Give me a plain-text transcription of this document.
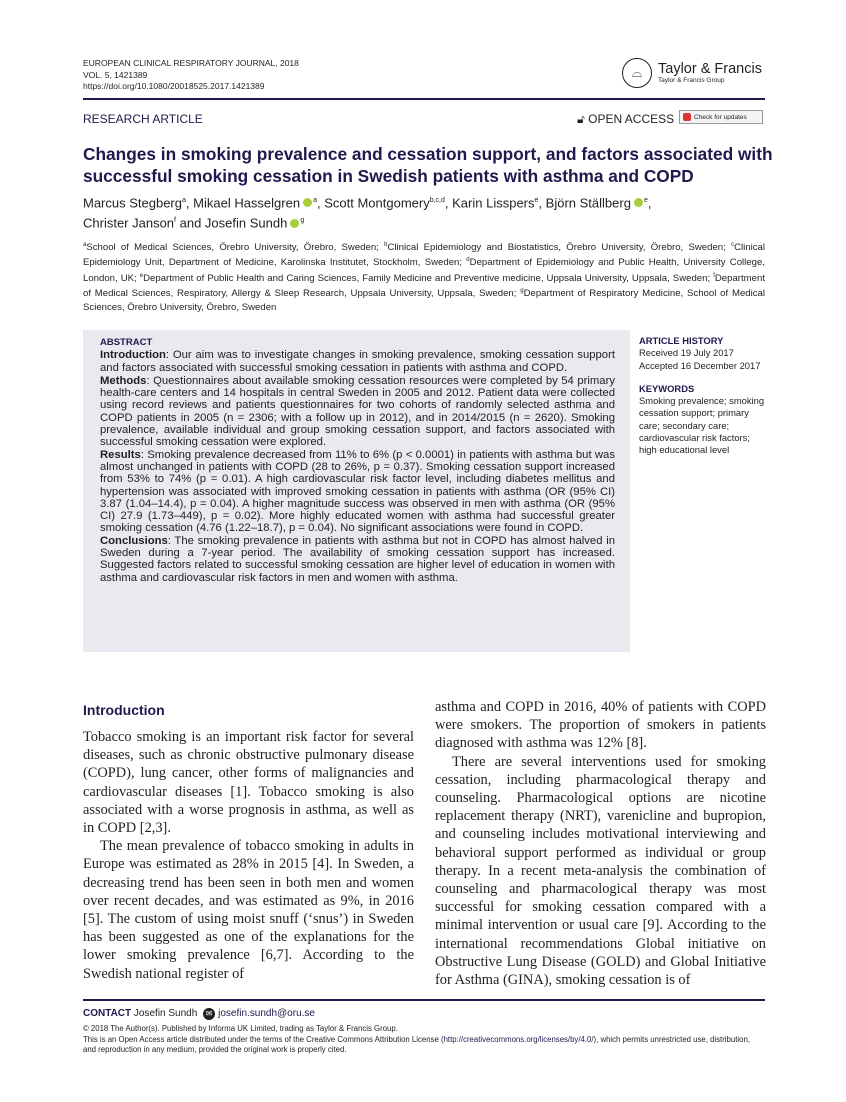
EUROPEAN CLINICAL RESPIRATORY JOURNAL, 2018
VOL. 5, 1421389
https://doi.org/10.1080/20018525.2017.1421389
⌓	Taylor & Francis
Taylor & Francis Group
RESEARCH ARTICLE	🔓︎ OPEN ACCESS	Check for updates
Changes in smoking prevalence and cessation support, and factors associated with successful smoking cessation in Swedish patients with asthma and COPD
Marcus Stegberg$^a$, Mikael Hasselgren $^a$, Scott Montgomery$^{b,c,d}$, Karin Lisspers$^e$, Björn Ställberg $^e$,
Christer Janson$^f$ and Josefin Sundh $^g$
$^a$School of Medical Sciences, Örebro University, Örebro, Sweden; $^b$Clinical Epidemiology and Biostatistics, Örebro University, Örebro, Sweden; $^c$Clinical Epidemiology Unit, Department of Medicine, Karolinska Institutet, Stockholm, Sweden; $^d$Department of Epidemiology and Public Health, University College, London, UK; $^e$Department of Public Health and Caring Sciences, Family Medicine and Preventive medicine, Uppsala University, Uppsala, Sweden; $^f$Department of Medical Sciences, Respiratory, Allergy & Sleep Research, Uppsala University, Uppsala, Sweden; $^g$Department of Respiratory Medicine, School of Medical Sciences, Örebro University, Örebro, Sweden
ABSTRACT

Introduction: Our aim was to investigate changes in smoking prevalence, smoking cessation support and factors associated with successful smoking cessation in patients with asthma and COPD.

Methods: Questionnaires about available smoking cessation resources were completed by 54 primary health-care centers and 14 hospitals in central Sweden in 2005 and 2012. Patient data were collected using record reviews and patients questionnaires for two cohorts of randomly selected asthma and COPD patients in 2005 (n = 2306; with a follow up in 2012), and in 2014/2015 (n = 2620). Smoking prevalence, available individual and group smoking cessation support, and factors associated with successful smoking cessation were explored.

Results: Smoking prevalence decreased from 11% to 6% (p < 0.0001) in patients with asthma but was almost unchanged in patients with COPD (28 to 26%, p = 0.37). Smoking cessation support increased from 53% to 74% (p = 0.01). A high cardiovascular risk factor level, including diabetes mellitus and hypertension was associated with improved smoking cessation in patients with asthma (OR (95% CI) 3.87 (1.04–14.4), p = 0.04). A higher magnitude success was observed in men with asthma (OR (95% CI) 27.9 (1.73–449), p = 0.02). More highly educated women with asthma had successful greater smoking cessation (4.76 (1.22–18.7), p = 0.04). No significant associations were found in COPD.

Conclusions: The smoking prevalence in patients with asthma but not in COPD has almost halved in Sweden during a 7-year period. The availability of smoking cessation support has increased. Suggested factors related to successful smoking cessation are higher level of education in women with asthma and cardiovascular risk factors in men and women with asthma.

ARTICLE HISTORY
Received 19 July 2017
Accepted 16 December 2017
KEYWORDS
Smoking prevalence; smoking cessation support; primary care; secondary care; cardiovascular risk factors; high educational level
Introduction

Tobacco smoking is an important risk factor for several diseases, such as chronic obstructive pulmonary disease (COPD), lung cancer, other forms of malignancies and cardiovascular diseases [1]. Tobacco smoking is also associated with a worse prognosis in asthma, as well as in COPD [2,3].

The mean prevalence of tobacco smoking in adults in Europe was estimated as 28% in 2015 [4]. In Sweden, a decreasing trend has been seen in both men and women over recent decades, and was estimated as 9%, in 2016 [5]. The custom of using moist snuff (‘snus’) in Sweden has been suggested as one of the explanations for the lower smoking prevalence [6,7]. According to the Swedish national register of

asthma and COPD in 2016, 40% of patients with COPD were smokers. The proportion of smokers in patients diagnosed with asthma was 12% [8].

There are several interventions used for smoking cessation, including pharmacological therapy and counseling. Pharmacological options are nicotine replacement therapy (NRT), varenicline and bupropion, and counseling includes motivational interviewing and behavioral support performed as individual or group therapy. In a recent meta-analysis the combination of counseling and pharmacological therapy was most successful for smoking cessation compared with a minimal intervention or usual care [9]. According to the international recommendations Global initiative on Obstructive Lung Disease (GOLD) and Global Initiative for Asthma (GINA), smoking cessation is of

CONTACT Josefin Sundh ✉ josefin.sundh@oru.se
© 2018 The Author(s). Published by Informa UK Limited, trading as Taylor & Francis Group.
This is an Open Access article distributed under the terms of the Creative Commons Attribution License (http://creativecommons.org/licenses/by/4.0/), which permits unrestricted use, distribution, and reproduction in any medium, provided the original work is properly cited.
